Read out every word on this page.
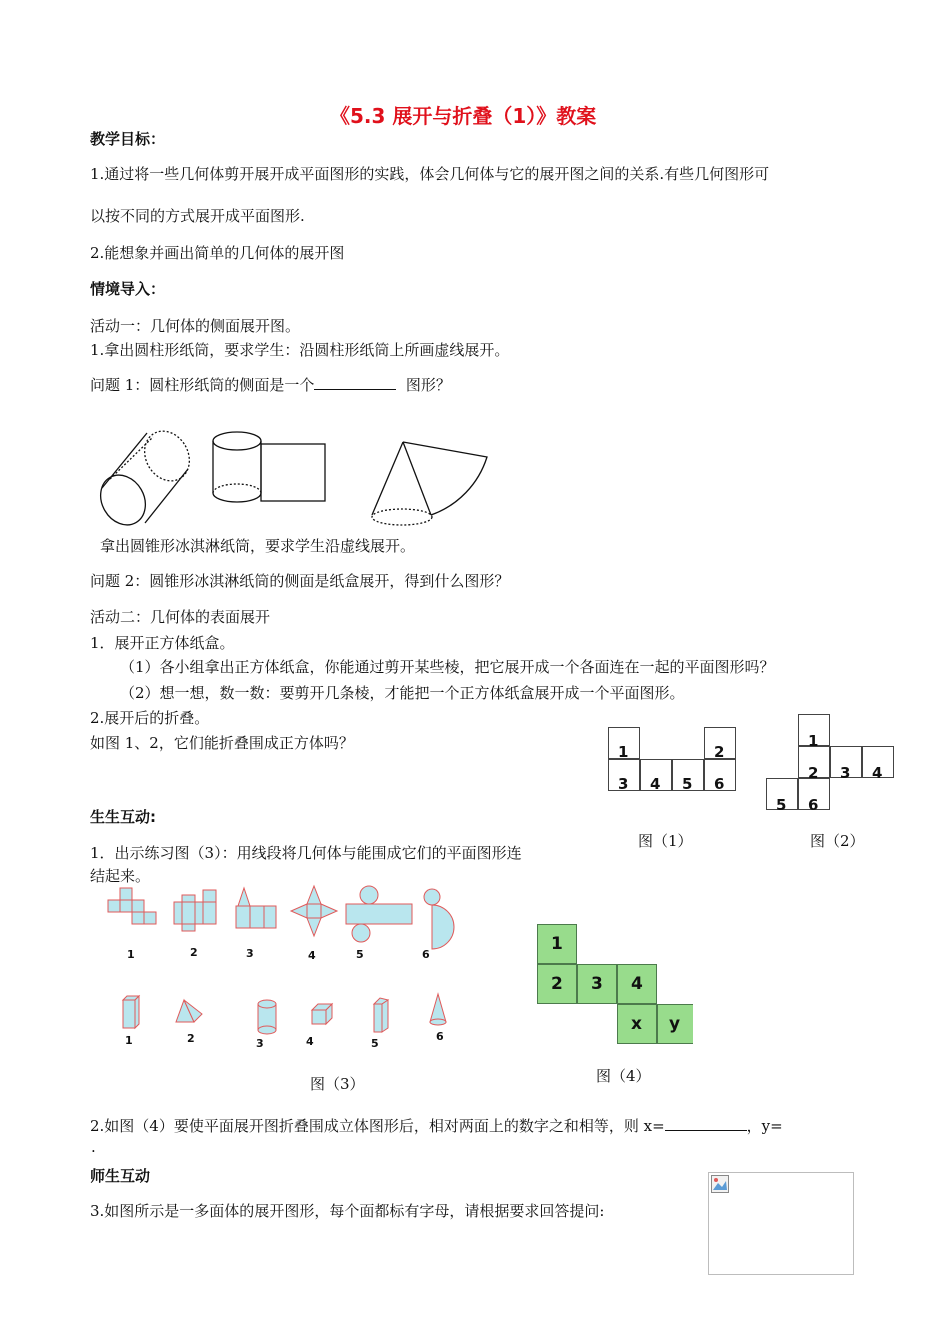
《5.3 展开与折叠（1）》教案
教学目标：
1.通过将一些几何体剪开展开成平面图形的实践，体会几何体与它的展开图之间的关系.有些几何图形可
以按不同的方式展开成平面图形.
2.能想象并画出简单的几何体的展开图
情境导入：
活动一：几何体的侧面展开图。
1.拿出圆柱形纸筒，要求学生：沿圆柱形纸筒上所画虚线展开。
问题 1：圆柱形纸筒的侧面是一个	图形？
拿出圆锥形冰淇淋纸筒，要求学生沿虚线展开。
问题 2：圆锥形冰淇淋纸筒的侧面是纸盒展开，得到什么图形？
活动二：几何体的表面展开
1．展开正方体纸盒。
（1）各小组拿出正方体纸盒，你能通过剪开某些棱，把它展开成一个各面连在一起的平面图形吗？
（2）想一想，数一数：要剪开几条棱，才能把一个正方体纸盒展开成一个平面图形。
2.展开后的折叠。
如图 1、2，它们能折叠围成正方体吗？	1	2
3 4 5 6
图（1）
1
2 3 4
5 6
图（2）
生生互动:
1．出示练习图（3）：用线段将几何体与能围成它们的平面图形连
结起来。
1	2	3	4	5	6
1	2	3	4	5
6
图（3）
1
2 3 4
x y
图（4）
2.如图（4）要使平面展开图折叠围成立体图形后，相对两面上的数字之和相等，则 x=	，y=
.
师生互动
3.如图所示是一多面体的展开图形，每个面都标有字母，请根据要求回答提问:
